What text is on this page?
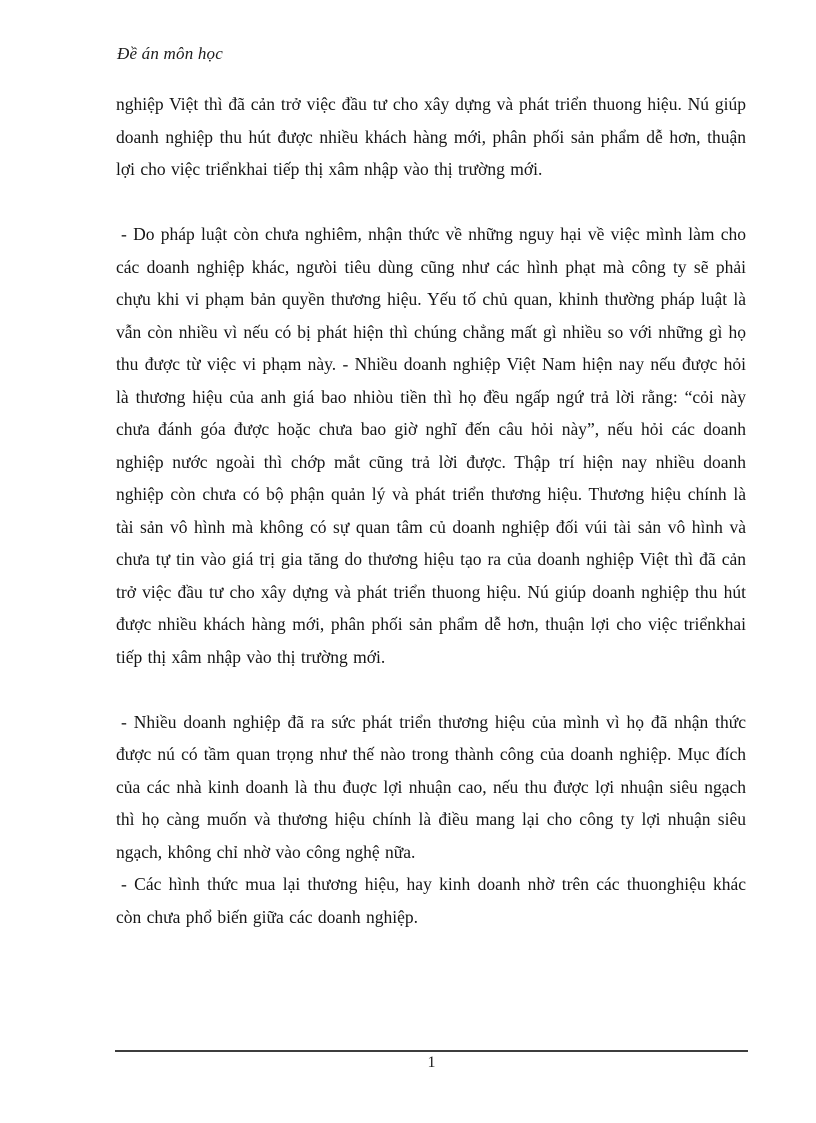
Đề án môn học

nghiệp Việt thì đã cản trở việc đầu tư cho xây dựng và phát triển thuong hiệu. Nú giúp doanh nghiệp thu hút được nhiều khách hàng mới, phân phối sản phẩm dễ hơn, thuận lợi cho việc triểnkhai tiếp thị xâm nhập vào thị trường mới.

- Do pháp luật còn chưa nghiêm, nhận thức về những nguy hại về việc mình làm cho các doanh nghiệp khác, ngưòi tiêu dùng cũng như các hình phạt mà công ty sẽ phải chựu khi vi phạm bản quyền thương hiệu. Yếu tố chủ quan, khinh thường pháp luật là vẫn còn nhiều vì nếu có bị phát hiện thì chúng chẳng mất gì nhiều so với những gì họ thu được từ việc vi phạm này. - Nhiều doanh nghiệp Việt Nam hiện nay nếu được hỏi là thương hiệu của anh giá bao nhiòu tiền thì họ đều ngấp ngứ trả lời rằng: “cỏi này chưa đánh góa được hoặc chưa bao giờ nghĩ đến câu hỏi này”, nếu hỏi các doanh nghiệp nước ngoài thì chớp mắt cũng trả lời được. Thập trí hiện nay nhiều doanh nghiệp còn chưa có bộ phận quản lý và phát triển thương hiệu. Thương hiệu chính là tài sản vô hình mà không có sự quan tâm củ doanh nghiệp đối vúi tài sản vô hình và chưa tự tin vào giá trị gia tăng do thương hiệu tạo ra của doanh nghiệp Việt thì đã cản trở việc đầu tư cho xây dựng và phát triển thuong hiệu. Nú giúp doanh nghiệp thu hút được nhiều khách hàng mới, phân phối sản phẩm dễ hơn, thuận lợi cho việc triểnkhai tiếp thị xâm nhập vào thị trường mới.

- Nhiều doanh nghiệp đã ra sức phát triển thương hiệu của mình vì họ đã nhận thức được nú có tầm quan trọng như thế nào trong thành công của doanh nghiệp. Mục đích của các nhà kinh doanh là thu đuợc lợi nhuận cao, nếu thu được lợi nhuận siêu ngạch thì họ càng muốn và thương hiệu chính là điều mang lại cho công ty lợi nhuận siêu ngạch, không chỉ nhờ vào công nghệ nữa.

- Các hình thức mua lại thương hiệu, hay kinh doanh nhờ trên các thuonghiệu khác còn chưa phổ biến giữa các doanh nghiệp.

1
